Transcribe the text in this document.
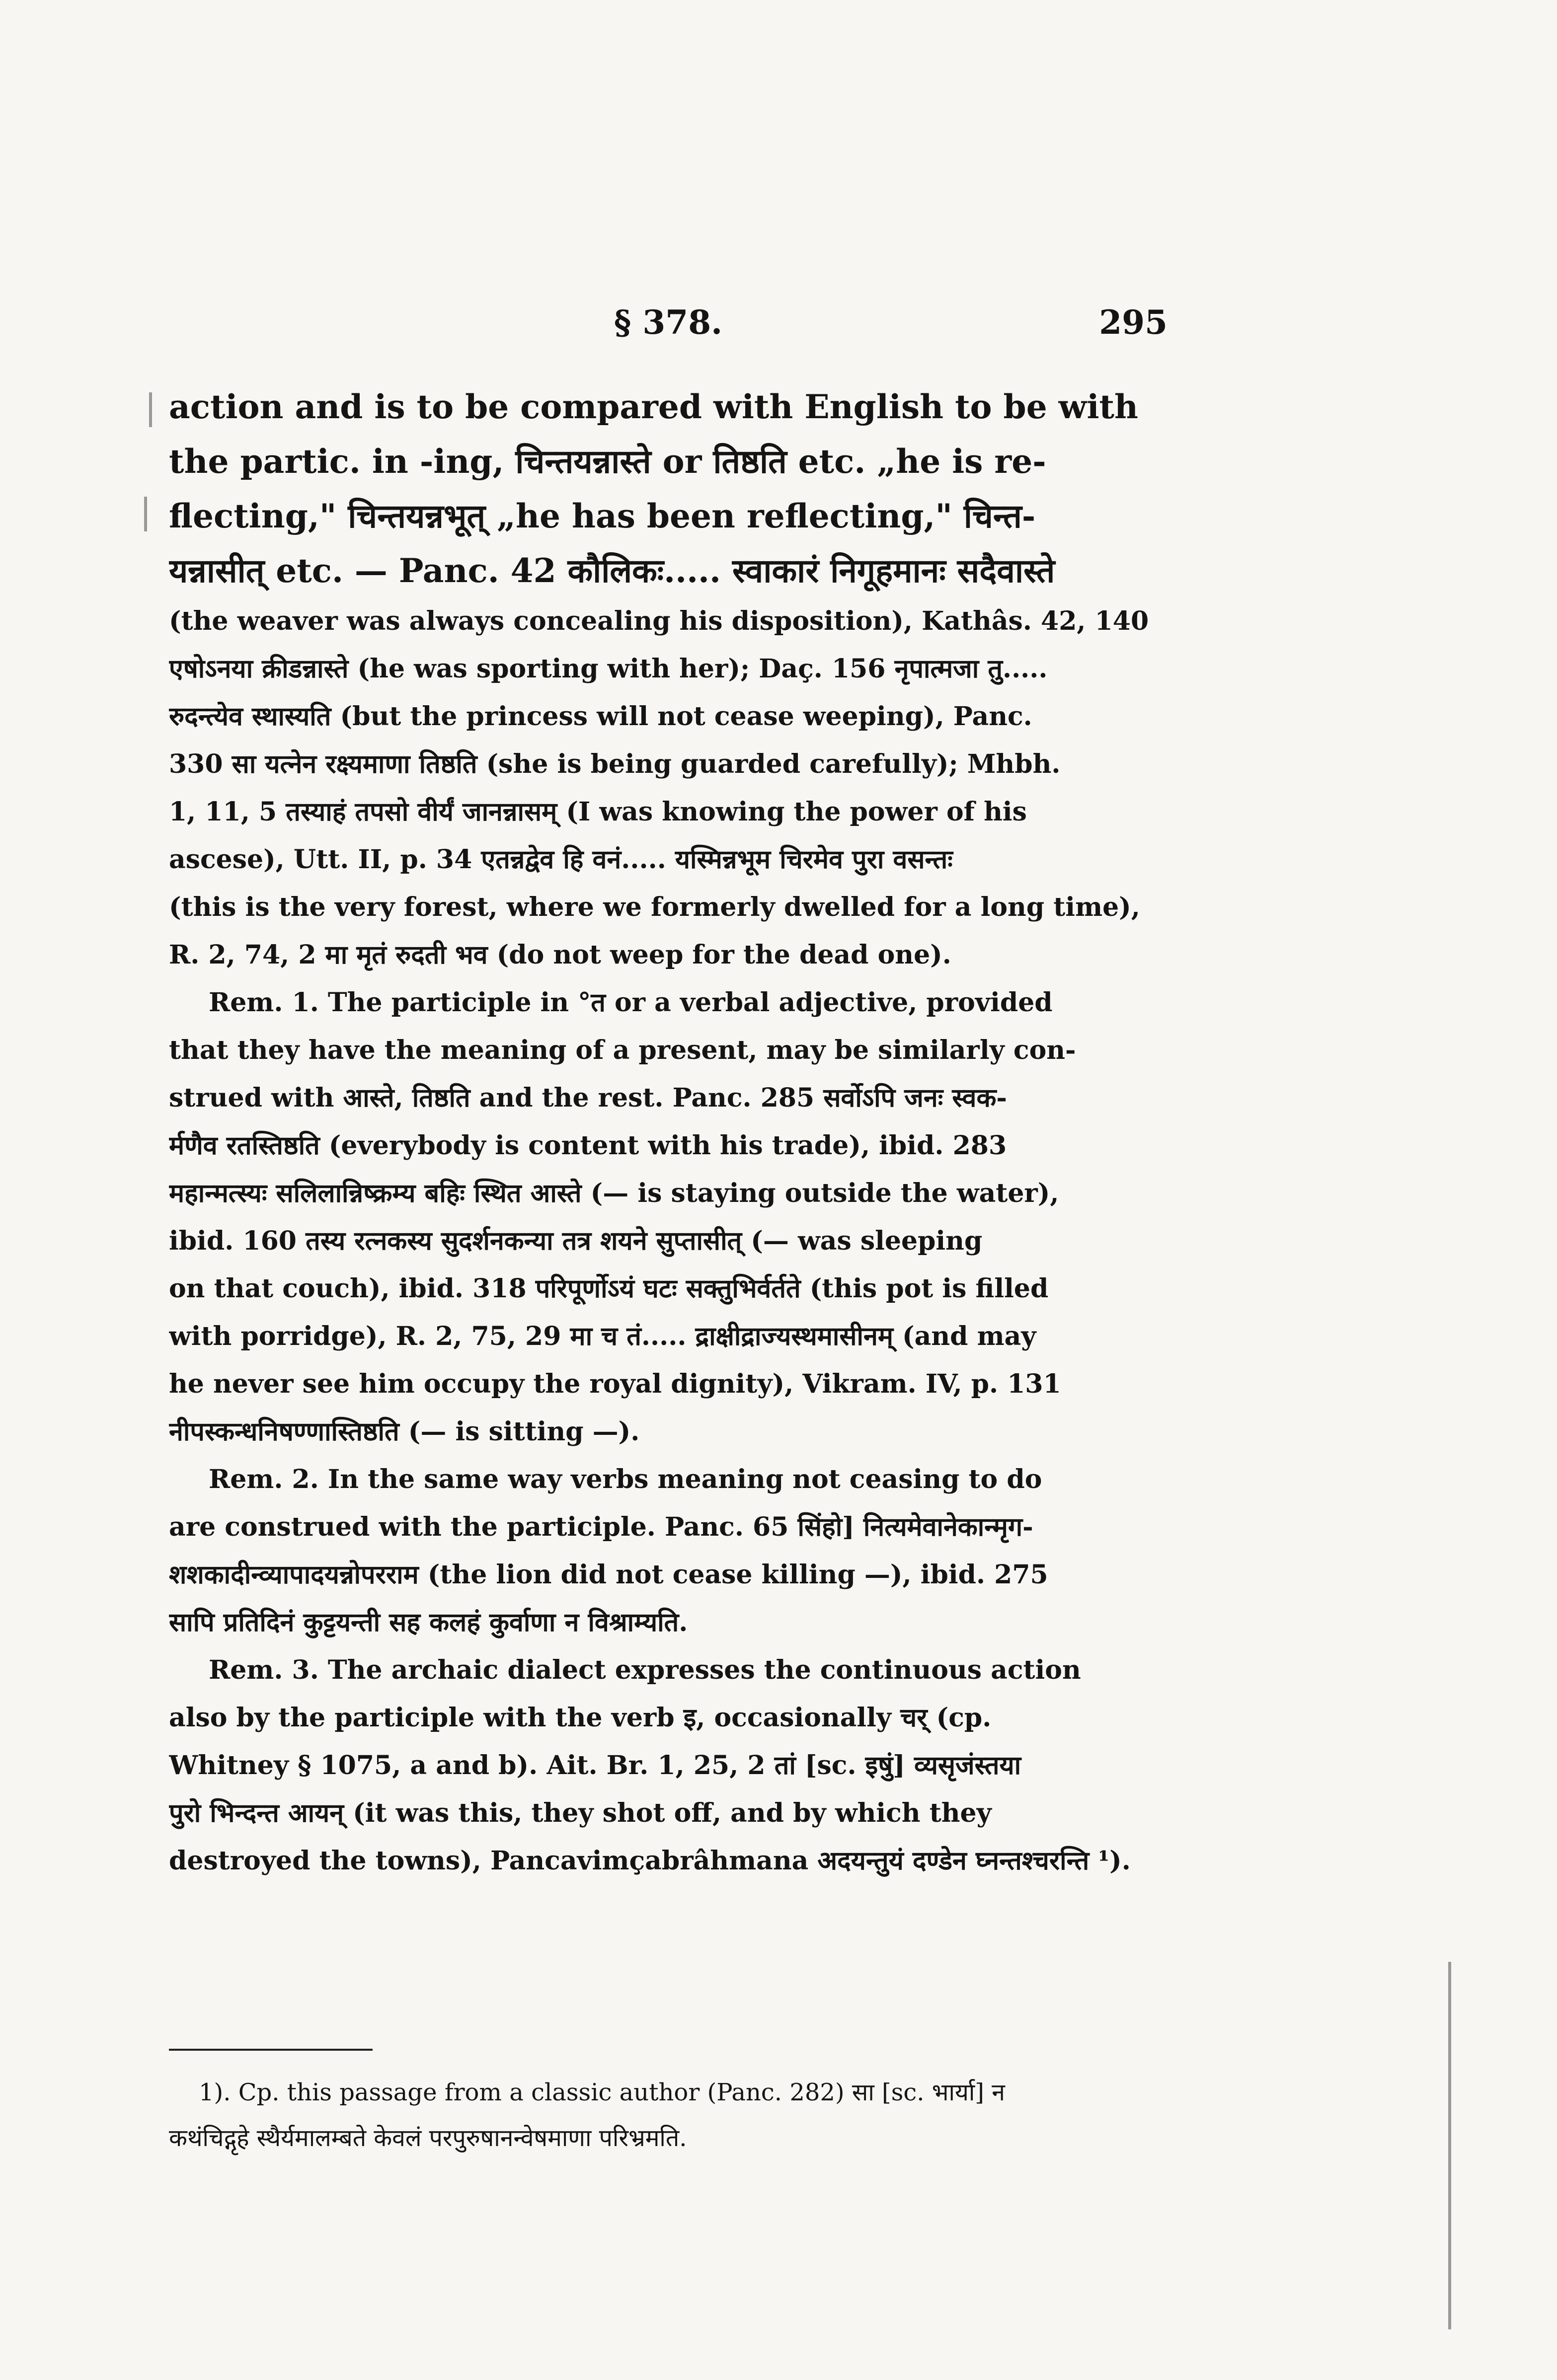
§ 378.	295
action and is to be compared with English to be with
the partic. in -ing, चिन्तयन्नास्ते or तिष्ठति etc. „he is re-
flecting," चिन्तयन्नभूत् „he has been reflecting," चिन्त-
यन्नासीत् etc. — Panc. 42 कौलिकः..... स्वाकारं निगूहमानः सदैवास्ते
(the weaver was always concealing his disposition), Kathâs. 42, 140
एषोऽनया क्रीडन्नास्ते (he was sporting with her); Daç. 156 नृपात्मजा तु.....
रुदन्त्येव स्थास्यति (but the princess will not cease weeping), Panc.
330 सा यत्नेन रक्ष्यमाणा तिष्ठति (she is being guarded carefully); Mhbh.
1, 11, 5 तस्याहं तपसो वीर्यं जानन्नासम् (I was knowing the power of his
ascese), Utt. II, p. 34 एतन्नद्वेव हि वनं..... यस्मिन्नभूम चिरमेव पुरा वसन्तः
(this is the very forest, where we formerly dwelled for a long time),
R. 2, 74, 2 मा मृतं रुदती भव (do not weep for the dead one).
Rem. 1. The participle in °त or a verbal adjective, provided
that they have the meaning of a present, may be similarly con-
strued with आस्ते, तिष्ठति and the rest. Panc. 285 सर्वोऽपि जनः स्वक-
र्मणैव रतस्तिष्ठति (everybody is content with his trade), ibid. 283
महान्मत्स्यः सलिलान्निष्क्रम्य बहिः स्थित आस्ते (— is staying outside the water),
ibid. 160 तस्य रत्नकस्य सुदर्शनकन्या तत्र शयने सुप्तासीत् (— was sleeping
on that couch), ibid. 318 परिपूर्णोऽयं घटः सक्तुभिर्वर्तते (this pot is filled
with porridge), R. 2, 75, 29 मा च तं..... द्राक्षीद्राज्यस्थमासीनम् (and may
he never see him occupy the royal dignity), Vikram. IV, p. 131
नीपस्कन्धनिषण्णास्तिष्ठति (— is sitting —).
Rem. 2. In the same way verbs meaning not ceasing to do
are construed with the participle. Panc. 65 सिंहो] नित्यमेवानेकान्मृग-
शशकादीन्व्यापादयन्नोपरराम (the lion did not cease killing —), ibid. 275
सापि प्रतिदिनं कुट्टयन्ती सह कलहं कुर्वाणा न विश्राम्यति.
Rem. 3. The archaic dialect expresses the continuous action
also by the participle with the verb इ, occasionally चर् (cp.
Whitney § 1075, a and b). Ait. Br. 1, 25, 2 तां [sc. इषुं] व्यसृजंस्तया
पुरो भिन्दन्त आयन् (it was this, they shot off, and by which they
destroyed the towns), Pancavimçabrâhmana अदयन्तुयं दण्डेन घ्नन्तश्चरन्ति ¹).
1). Cp. this passage from a classic author (Panc. 282) सा [sc. भार्या] न
कथंचिद्गृहे स्थैर्यमालम्बते केवलं परपुरुषानन्वेषमाणा परिभ्रमति.
